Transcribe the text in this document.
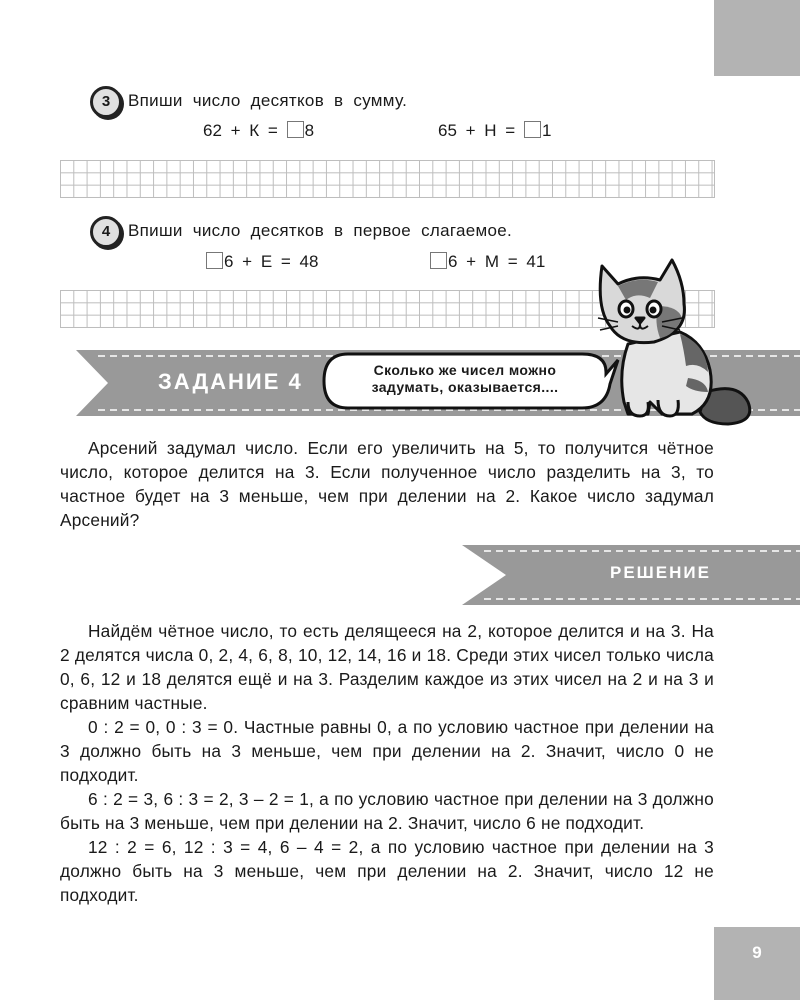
9
3	Впиши число десятков в сумму.
62 + К = 8	65 + Н = 1
4	Впиши число десятков в первое слагаемое.
6 + Е = 48	6 + М = 41
ЗАДАНИЕ 4	Сколько же чисел можно
задумать, оказывается....

Арсений задумал число. Если его увеличить на 5, то получится чётное число, которое делится на 3. Если полученное число разделить на 3, то частное будет на 3 меньше, чем при делении на 2. Какое число задумал Арсений?

РЕШЕНИЕ

Найдём чётное число, то есть делящееся на 2, которое делится и на 3. На 2 делятся числа 0, 2, 4, 6, 8, 10, 12, 14, 16 и 18. Среди этих чисел только числа 0, 6, 12 и 18 делятся ещё и на 3. Разделим каждое из этих чисел на 2 и на 3 и сравним частные.

0 : 2 = 0, 0 : 3 = 0. Частные равны 0, а по условию частное при делении на 3 должно быть на 3 меньше, чем при делении на 2. Значит, число 0 не подходит.

6 : 2 = 3, 6 : 3 = 2, 3 – 2 = 1, а по условию частное при делении на 3 должно быть на 3 меньше, чем при делении на 2. Значит, число 6 не подходит.

12 : 2 = 6, 12 : 3 = 4, 6 – 4 = 2, а по условию частное при делении на 3 должно быть на 3 меньше, чем при делении на 2. Значит, число 12 не подходит.
